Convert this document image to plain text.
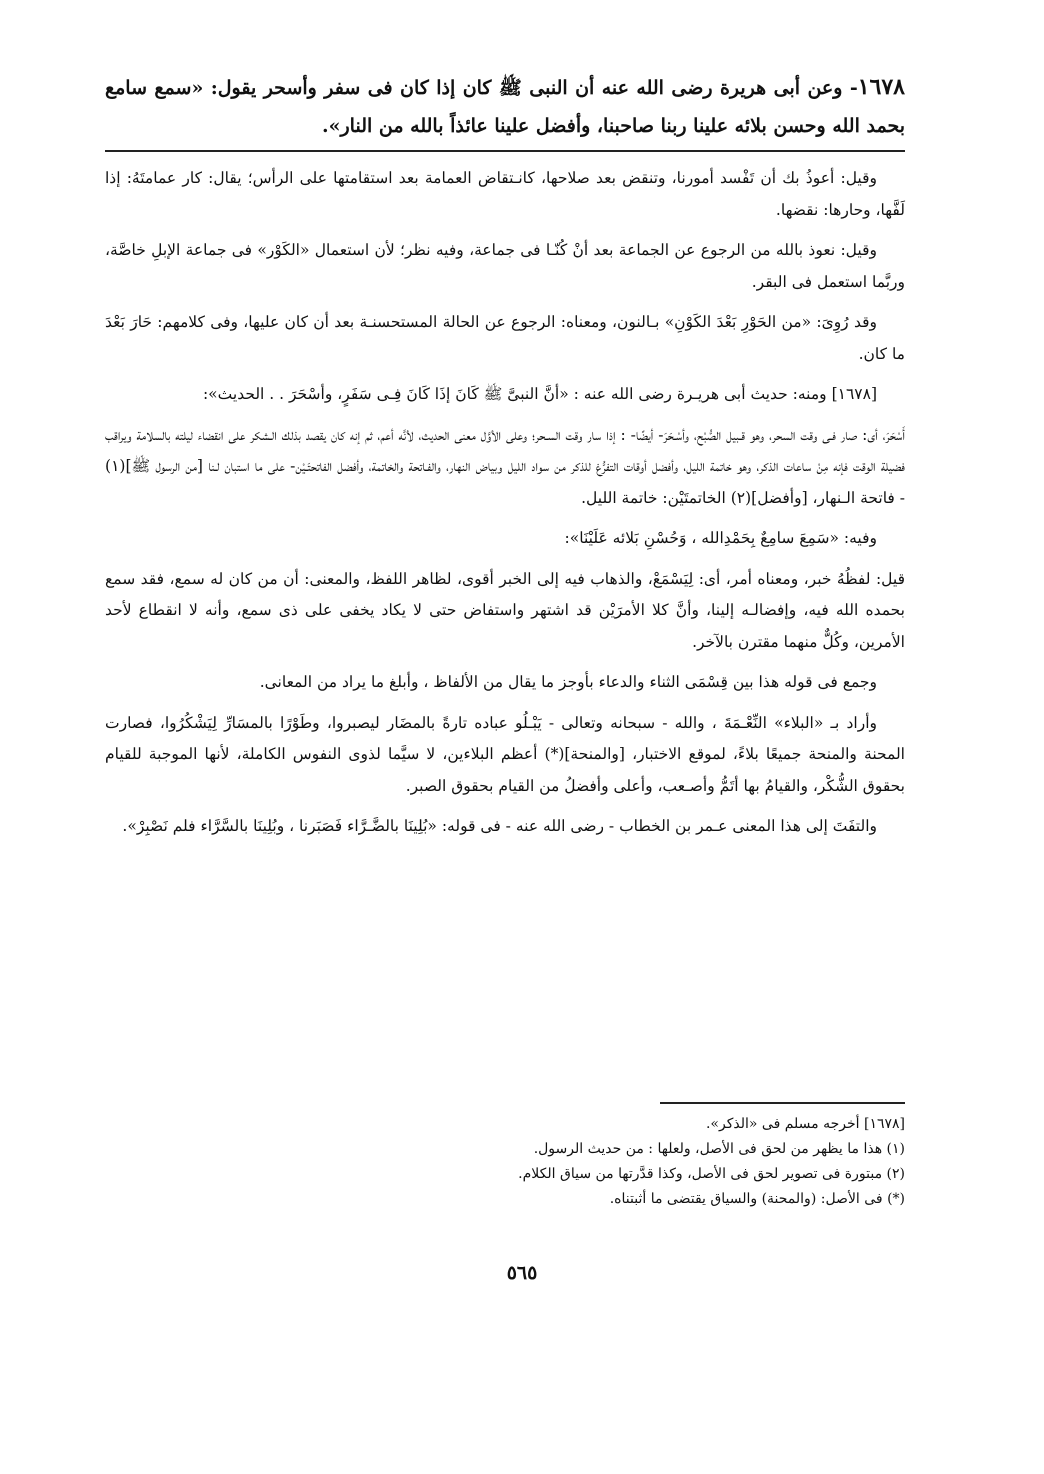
١٦٧٨- وعن أبى هريرة رضى الله عنه أن النبى ﷺ كان إذا كان فى سفر وأسحر يقول: «سمع سامع بحمد الله وحسن بلائه علينا ربنا صاحبنا، وأفضل علينا عائذاً بالله من النار».

وقيل: أعوذُ بك أن تَفْسد أمورنا، وتنقض بعد صلاحها، كانـتقاض العمامة بعد استقامتها على الرأس؛ يقال: كار عمامتَهُ: إذا لَفَّها، وحارها: نقضها.

وقيل: نعوذ بالله من الرجوع عن الجماعة بعد أنْ كُنّـا فى جماعة، وفيه نظر؛ لأن استعمال «الكَوْر» فى جماعة الإبلِ خاصَّة، وربَّما استعمل فى البقر.

وقد رُوِىَ: «من الحَوْرِ بَعْدَ الكَوْنِ» بـالنون، ومعناه: الرجوع عن الحالة المستحسنـة بعد أن كان عليها، وفى كلامهم: حَارَ بَعْدَ ما كان.

[١٦٧٨] ومنه: حديث أبى هريـرة رضى الله عنه : «أنَّ النبىَّ ﷺ كَانَ إذَا كَانَ فِـى سَفَرٍ، وأسْحَرَ . . الحديث»:

أَسْحَرَ، أى: صار فـى وقت السحر، وهو قـبيل الصُّبْح، وأسْـحَرَ- أيضًا- : إذا سار وقت السـحر؛ وعلى الأوَّل معنى الحديث، لأنَّه أعم، ثم إنه كان يقصد بذلك الـشكر على انقضاء ليلته بالسلامة ويراقب فضيلة الوقت فإنه مِنْ ساعات الذكر، وهو خاتمة الليل، وأفضل أوقات التفرُّغ للذكر من سواد الليل وبياض النهار، والفـاتحة والخاتمة، وأفضل الفاتحتَـيْن- على ما استبان لـنا [من الرسول ﷺ](١) - فاتحة الـنهار، [وأفضل](٢) الخاتمتَيْن: خاتمة الليل.

وفيه: «سَمِعَ سامِعٌ بِحَمْدِالله ، وَحُسْنِ بَلائه عَلَيْنَا»:

قيل: لفظُهُ خبر، ومعناه أمر، أى: لِيَسْمَعْ، والذهاب فيه إلى الخبر أقوى، لظاهر اللفظ، والمعنى: أن من كان له سمع، فقد سمع بحمده الله فيه، وإفضالـه إلينا، وأنَّ كلا الأمرَيْن قد اشتهر واستفاض حتى لا يكاد يخفى على ذى سمع، وأنه لا انقطاع لأحد الأمرين، وكُلٌّ منهما مقترن بالآخر.

وجمع فى قوله هذا بين قِسْمَى الثناء والدعاء بأوجز ما يقال من الألفاظ ، وأبلغ ما يراد من المعانى.

وأراد بـ «البلاء» النِّعْـمَةَ ، والله - سبحانه وتعالى - يَبْـلُو عباده تارةً بالمضَار ليصبروا، وطَوْرًا بالمسَارِّ لِيَشْكُرُوا، فصارت المحنة والمنحة جميعًا بلاءً، لموقع الاختبار، [والمنحة](*) أعظم البلاءين، لا سيَّما لذوى النفوس الكاملة، لأنها الموجبة للقيام بحقوق الشُّكْر، والقيامُ بها أتَمُّ وأصـعب، وأعلى وأفضلُ من القيام بحقوق الصبر.

والتفَتَ إلى هذا المعنى عـمر بن الخطاب - رضى الله عنه - فى قوله: «بُلِينَا بالضَّـرَّاء فَصَبَرنا ، وبُلِينَا بالسَّرَّاء فلم نَصْبِرْ».

[١٦٧٨] أخرجه مسلم فى «الذكر».

(١) هذا ما يظهر من لحق فى الأصل، ولعلها : من حديث الرسول.

(٢) مبتورة فى تصوير لحق فى الأصل، وكذا قدَّرتها من سياق الكلام.

(*) فى الأصل: (والمحنة) والسياق يقتضى ما أثبتناه.

٥٦٥
